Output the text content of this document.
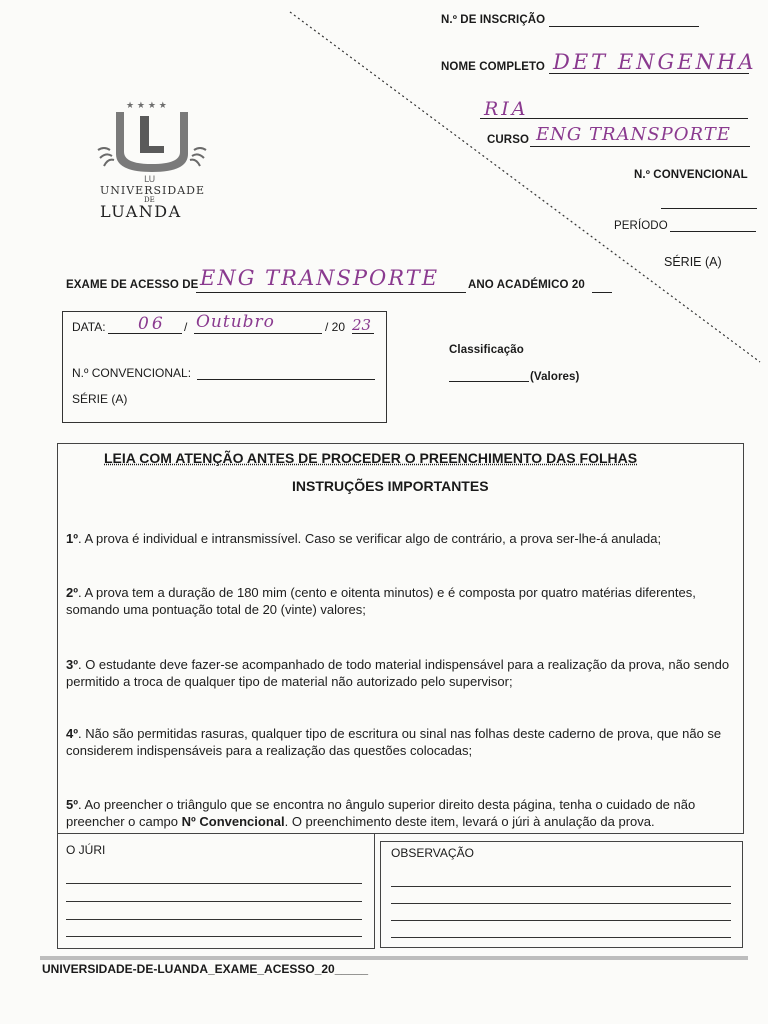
★ ★ ★ ★
LU
UNIVERSIDADE
DE
LUANDA
N.º DE INSCRIÇÃO
NOME COMPLETO DET ENGENHA
RIA
CURSO ENG TRANSPORTE
N.º CONVENCIONAL
PERÍODO
SÉRIE (A)
EXAME DE ACESSO DE ENG TRANSPORTE	ANO ACADÉMICO 20
DATA: 06 / Outubro	/ 20 23
N.º CONVENCIONAL:
SÉRIE (A)
Classificação
(Valores)
LEIA COM ATENÇÃO ANTES DE PROCEDER O PREENCHIMENTO DAS FOLHAS
INSTRUÇÕES IMPORTANTES
1º. A prova é individual e intransmissível. Caso se verificar algo de contrário, a prova ser-lhe-á anulada;
2º. A prova tem a duração de 180 mim (cento e oitenta minutos) e é composta por quatro matérias diferentes, somando uma pontuação total de 20 (vinte) valores;
3º. O estudante deve fazer-se acompanhado de todo material indispensável para a realização da prova, não sendo permitido a troca de qualquer tipo de material não autorizado pelo supervisor;
4º. Não são permitidas rasuras, qualquer tipo de escritura ou sinal nas folhas deste caderno de prova, que não se considerem indispensáveis para a realização das questões colocadas;
5º. Ao preencher o triângulo que se encontra no ângulo superior direito desta página, tenha o cuidado de não preencher o campo Nº Convencional. O preenchimento deste item, levará o júri à anulação da prova.
O JÚRI	OBSERVAÇÃO
UNIVERSIDADE-DE-LUANDA_EXAME_ACESSO_20_____
